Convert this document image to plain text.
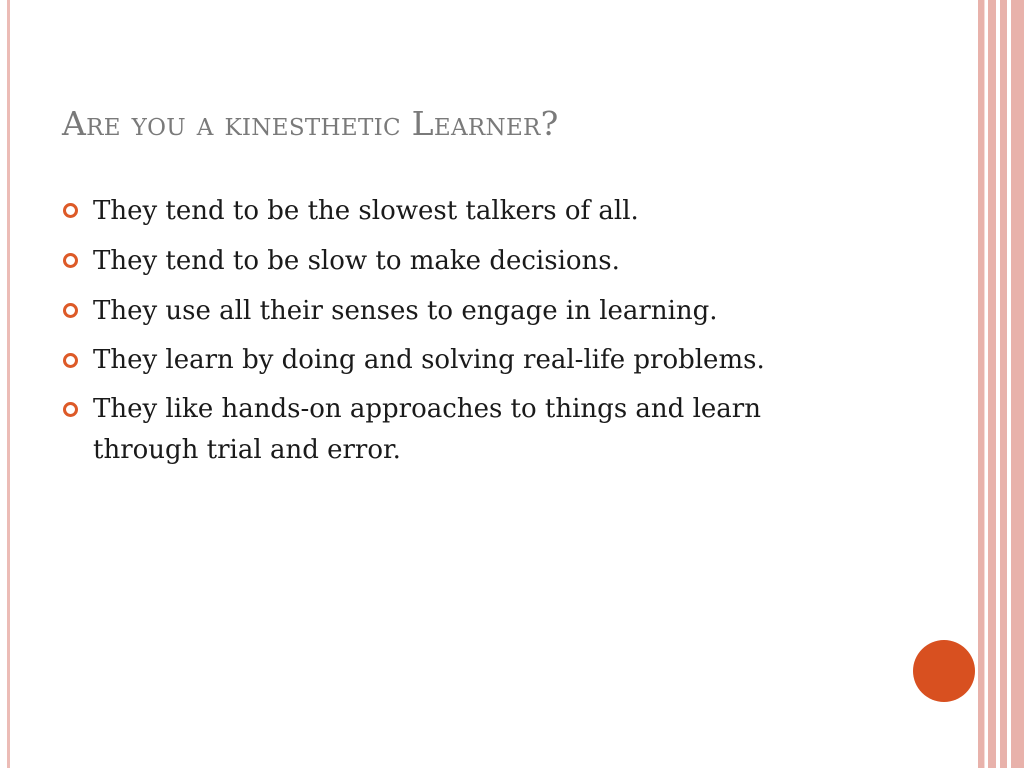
Are you a kinesthetic Learner?
They tend to be the slowest talkers of all.
They tend to be slow to make decisions.
They use all their senses to engage in learning.
They learn by doing and solving real-life problems.
They like hands-on approaches to things and learn through trial and error.
